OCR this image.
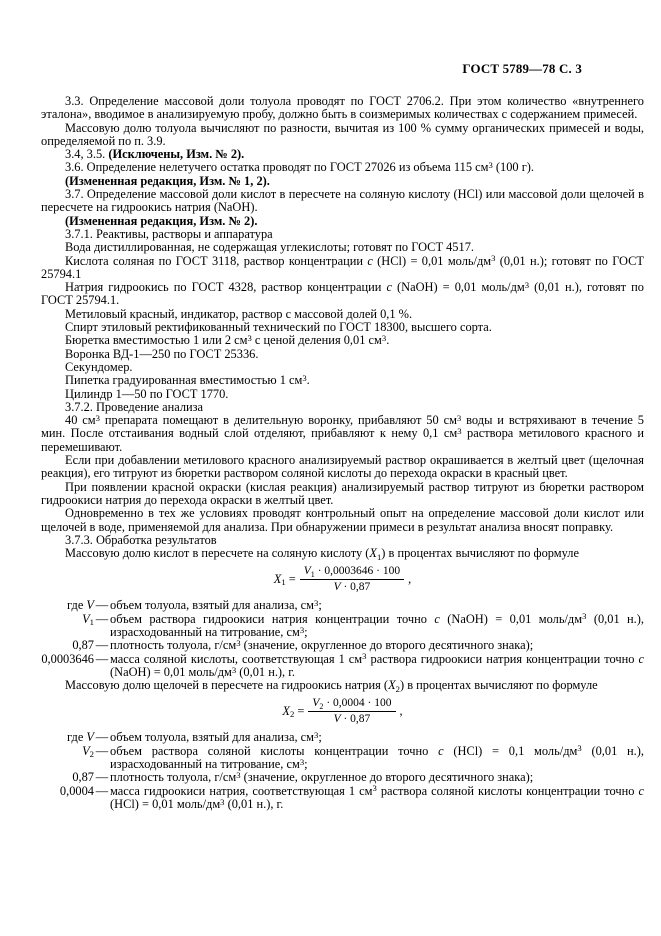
ГОСТ 5789—78 С. 3
3.3. Определение массовой доли толуола проводят по ГОСТ 2706.2. При этом количество «внутреннего эталона», вводимое в анализируемую пробу, должно быть в соизмеримых количествах с содержанием примесей.
Массовую долю толуола вычисляют по разности, вычитая из 100 % сумму органических примесей и воды, определяемой по п. 3.9.
3.4, 3.5. (Исключены, Изм. № 2).
3.6. Определение нелетучего остатка проводят по ГОСТ 27026 из объема 115 $см^3$ (100 г).
(Измененная редакция, Изм. № 1, 2).
3.7. Определение массовой доли кислот в пересчете на соляную кислоту (HCl) или массовой доли щелочей в пересчете на гидроокись натрия (NaOH).
(Измененная редакция, Изм. № 2).
3.7.1. Реактивы, растворы и аппаратура
Вода дистиллированная, не содержащая углекислоты; готовят по ГОСТ 4517.
Кислота соляная по ГОСТ 3118, раствор концентрации с (HCl) = 0,01 моль/$дм^3$ (0,01 н.); готовят по ГОСТ 25794.1
Натрия гидроокись по ГОСТ 4328, раствор концентрации с (NaOH) = 0,01 моль/$дм^3$ (0,01 н.), готовят по ГОСТ 25794.1.
Метиловый красный, индикатор, раствор с массовой долей 0,1 %.
Спирт этиловый ректификованный технический по ГОСТ 18300, высшего сорта.
Бюретка вместимостью 1 или 2 $см^3$ с ценой деления 0,01 $см^3$.
Воронка ВД-1—250 по ГОСТ 25336.
Секундомер.
Пипетка градуированная вместимостью 1 $см^3$.
Цилиндр 1—50 по ГОСТ 1770.
3.7.2. Проведение анализа
40 $см^3$ препарата помещают в делительную воронку, прибавляют 50 $см^3$ воды и встряхивают в течение 5 мин. После отстаивания водный слой отделяют, прибавляют к нему 0,1 $см^3$ раствора метилового красного и перемешивают.
Если при добавлении метилового красного анализируемый раствор окрашивается в желтый цвет (щелочная реакция), его титруют из бюретки раствором соляной кислоты до перехода окраски в красный цвет.
При появлении красной окраски (кислая реакция) анализируемый раствор титруют из бюретки раствором гидроокиси натрия до перехода окраски в желтый цвет.
Одновременно в тех же условиях проводят контрольный опыт на определение массовой доли кислот или щелочей в воде, применяемой для анализа. При обнаружении примеси в результат анализа вносят поправку.
3.7.3. Обработка результатов
Массовую долю кислот в пересчете на соляную кислоту $(X_1)$ в процентах вычисляют по формуле
$X_1 = \frac{V_1 \cdot 0,0003646 \cdot 100}{V \cdot 0,87}$ ,
где V — объем толуола, взятый для анализа, $см^3$;
$V_1$ — объем раствора гидроокиси натрия концентрации точно с (NaOH) = 0,01 моль/$дм^3$ (0,01 н.), израсходованный на титрование, $см^3$;
0,87 — плотность толуола, $г/см^3$ (значение, округленное до второго десятичного знака);
0,0003646 — масса соляной кислоты, соответствующая 1 $см^3$ раствора гидроокиси натрия концентрации точно с (NaOH) = 0,01 моль/$дм^3$ (0,01 н.), г.
Массовую долю щелочей в пересчете на гидроокись натрия $(X_2)$ в процентах вычисляют по формуле
$X_2 = \frac{V_2 \cdot 0,0004 \cdot 100}{V \cdot 0,87}$ ,
где V — объем толуола, взятый для анализа, $см^3$;
$V_2$ — объем раствора соляной кислоты концентрации точно с (HCl) = 0,1 моль/$дм^3$ (0,01 н.), израсходованный на титрование, $см^3$;
0,87 — плотность толуола, $г/см^3$ (значение, округленное до второго десятичного знака);
0,0004 — масса гидроокиси натрия, соответствующая 1 $см^3$ раствора соляной кислоты концентрации точно с (HCl) = 0,01 моль/$дм^3$ (0,01 н.), г.
